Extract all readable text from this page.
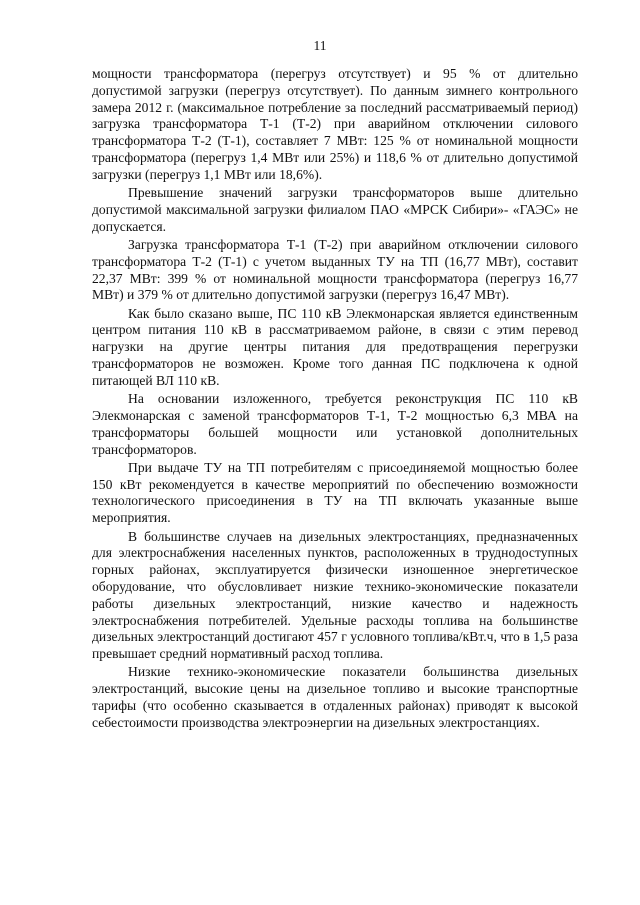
11

мощности трансформатора (перегруз отсутствует) и 95 % от длительно допустимой загрузки (перегруз отсутствует). По данным зимнего контрольного замера 2012 г. (максимальное потребление за последний рассматриваемый период) загрузка трансформатора Т-1 (Т-2) при аварийном отключении силового трансформатора Т-2 (Т-1), составляет 7 МВт: 125 % от номинальной мощности трансформатора (перегруз 1,4 МВт или 25%) и 118,6 % от длительно допустимой загрузки (перегруз 1,1 МВт или 18,6%).

Превышение значений загрузки трансформаторов выше длительно допустимой максимальной загрузки филиалом ПАО «МРСК Сибири»- «ГАЭС» не допускается.

Загрузка трансформатора Т-1 (Т-2) при аварийном отключении силового трансформатора Т-2 (Т-1) с учетом выданных ТУ на ТП (16,77 МВт), составит 22,37 МВт: 399 % от номинальной мощности трансформатора (перегруз 16,77 МВт) и 379 % от длительно допустимой загрузки (перегруз 16,47 МВт).

Как было сказано выше, ПС 110 кВ Элекмонарская является единственным центром питания 110 кВ в рассматриваемом районе, в связи с этим перевод нагрузки на другие центры питания для предотвращения перегрузки трансформаторов не возможен. Кроме того данная ПС подключена к одной питающей ВЛ 110 кВ.

На основании изложенного, требуется реконструкция ПС 110 кВ Элекмонарская с заменой трансформаторов Т-1, Т-2 мощностью 6,3 МВА на трансформаторы большей мощности или установкой дополнительных трансформаторов.

При выдаче ТУ на ТП потребителям с присоединяемой мощностью более 150 кВт рекомендуется в качестве мероприятий по обеспечению возможности технологического присоединения в ТУ на ТП включать указанные выше мероприятия.

В большинстве случаев на дизельных электростанциях, предназначенных для электроснабжения населенных пунктов, расположенных в труднодоступных горных районах, эксплуатируется физически изношенное энергетическое оборудование, что обусловливает низкие технико-экономические показатели работы дизельных электростанций, низкие качество и надежность электроснабжения потребителей. Удельные расходы топлива на большинстве дизельных электростанций достигают 457 г условного топлива/кВт.ч, что в 1,5 раза превышает средний нормативный расход топлива.

Низкие технико-экономические показатели большинства дизельных электростанций, высокие цены на дизельное топливо и высокие транспортные тарифы (что особенно сказывается в отдаленных районах) приводят к высокой себестоимости производства электроэнергии на дизельных электростанциях.
